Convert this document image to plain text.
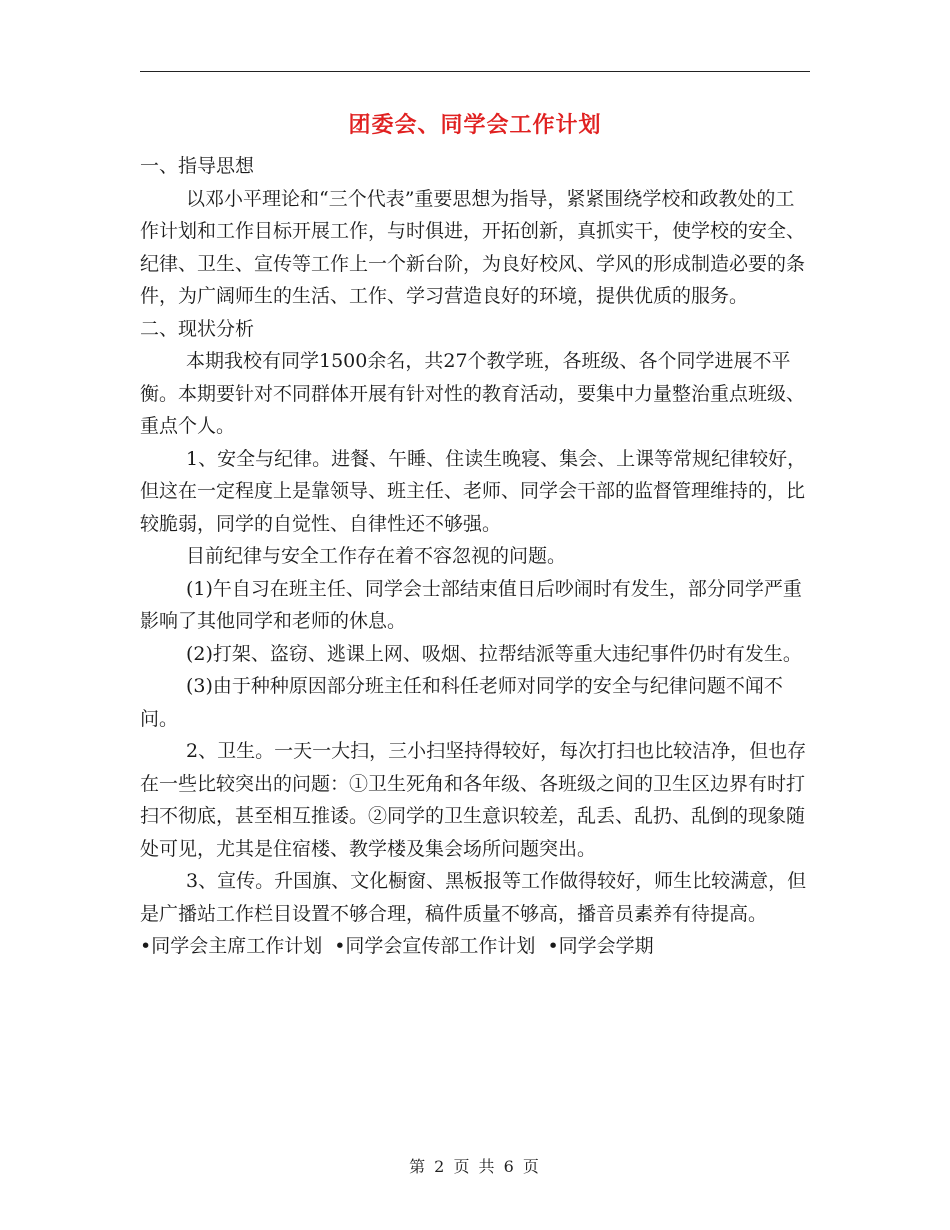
团委会、同学会工作计划

一、指导思想

以邓小平理论和“三个代表”重要思想为指导，紧紧围绕学校和政教处的工作计划和工作目标开展工作，与时俱进，开拓创新，真抓实干，使学校的安全、纪律、卫生、宣传等工作上一个新台阶，为良好校风、学风的形成制造必要的条件，为广阔师生的生活、工作、学习营造良好的环境，提供优质的服务。

二、现状分析

本期我校有同学1500余名，共27个教学班，各班级、各个同学进展不平衡。本期要针对不同群体开展有针对性的教育活动，要集中力量整治重点班级、重点个人。

1、安全与纪律。进餐、午睡、住读生晚寝、集会、上课等常规纪律较好，但这在一定程度上是靠领导、班主任、老师、同学会干部的监督管理维持的，比较脆弱，同学的自觉性、自律性还不够强。

目前纪律与安全工作存在着不容忽视的问题。

(1)午自习在班主任、同学会士部结束值日后吵闹时有发生，部分同学严重影响了其他同学和老师的休息。

(2)打架、盗窃、逃课上网、吸烟、拉帮结派等重大违纪事件仍时有发生。

(3)由于种种原因部分班主任和科任老师对同学的安全与纪律问题不闻不问。

2、卫生。一天一大扫，三小扫坚持得较好，每次打扫也比较洁净，但也存在一些比较突出的问题：①卫生死角和各年级、各班级之间的卫生区边界有时打扫不彻底，甚至相互推诿。②同学的卫生意识较差，乱丢、乱扔、乱倒的现象随处可见，尤其是住宿楼、教学楼及集会场所问题突出。

3、宣传。升国旗、文化橱窗、黑板报等工作做得较好，师生比较满意，但是广播站工作栏目设置不够合理，稿件质量不够高，播音员素养有待提高。

•同学会主席工作计划 •同学会宣传部工作计划 •同学会学期

第 2 页 共 6 页
